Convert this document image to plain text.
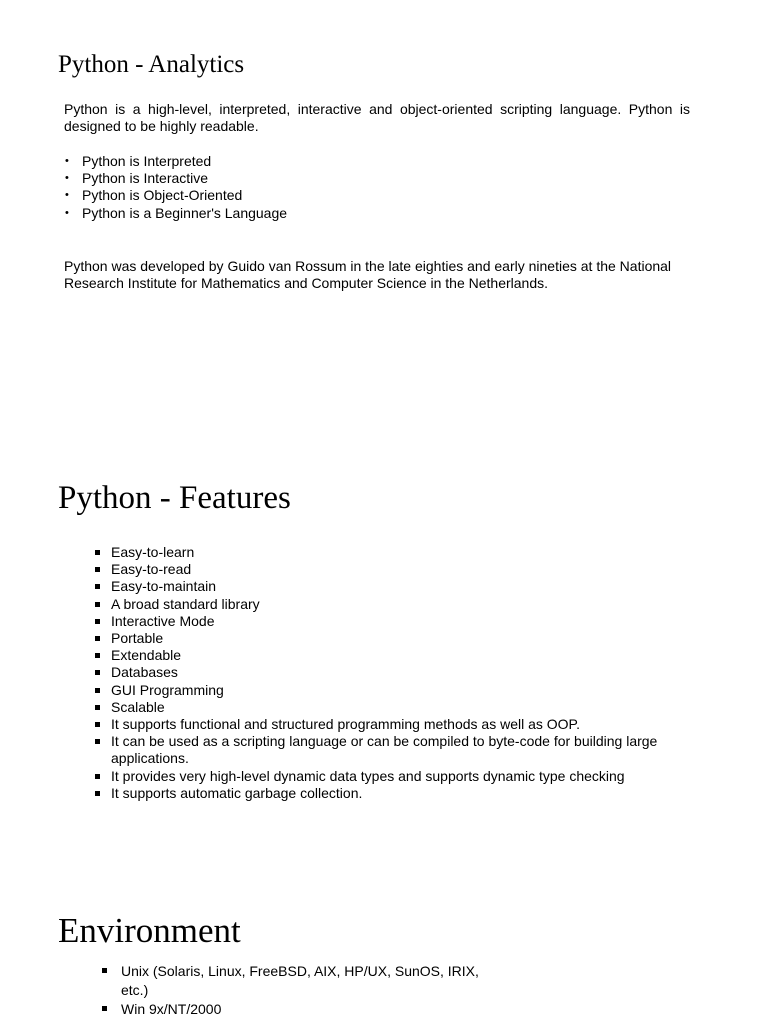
Python - Analytics

Python is a high-level, interpreted, interactive and object-oriented scripting language. Python is designed to be highly readable.

• Python is Interpreted
• Python is Interactive
• Python is Object-Oriented
• Python is a Beginner's Language

Python was developed by Guido van Rossum in the late eighties and early nineties at the National Research Institute for Mathematics and Computer Science in the Netherlands.

Python - Features
Easy-to-learn
Easy-to-read
Easy-to-maintain
A broad standard library
Interactive Mode
Portable
Extendable
Databases
GUI Programming
Scalable
It supports functional and structured programming methods as well as OOP.
It can be used as a scripting language or can be compiled to byte-code for building large applications.
It provides very high-level dynamic data types and supports dynamic type checking
It supports automatic garbage collection.
Environment
Unix (Solaris, Linux, FreeBSD, AIX, HP/UX, SunOS, IRIX, etc.)
Win 9x/NT/2000
